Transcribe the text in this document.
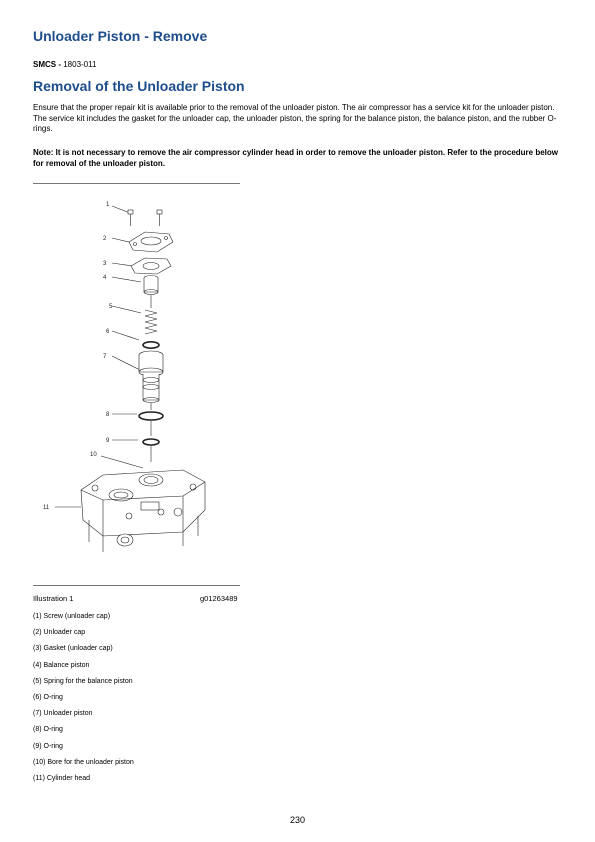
Unloader Piston - Remove
SMCS - 1803-011
Removal of the Unloader Piston

Ensure that the proper repair kit is available prior to the removal of the unloader piston. The air compressor has a service kit for the unloader piston. The service kit includes the gasket for the unloader cap, the unloader piston, the spring for the balance piston, the balance piston, and the rubber O-rings.

Note: It is not necessary to remove the air compressor cylinder head in order to remove the unloader piston. Refer to the procedure below for removal of the unloader piston.

1
2
3
4
5
6
7
8
9
10
11
Illustration 1	g01263489
(1) Screw (unloader cap)
(2) Unloader cap
(3) Gasket (unloader cap)
(4) Balance piston
(5) Spring for the balance piston
(6) O-ring
(7) Unloader piston
(8) O-ring
(9) O-ring
(10) Bore for the unloader piston
(11) Cylinder head
230
